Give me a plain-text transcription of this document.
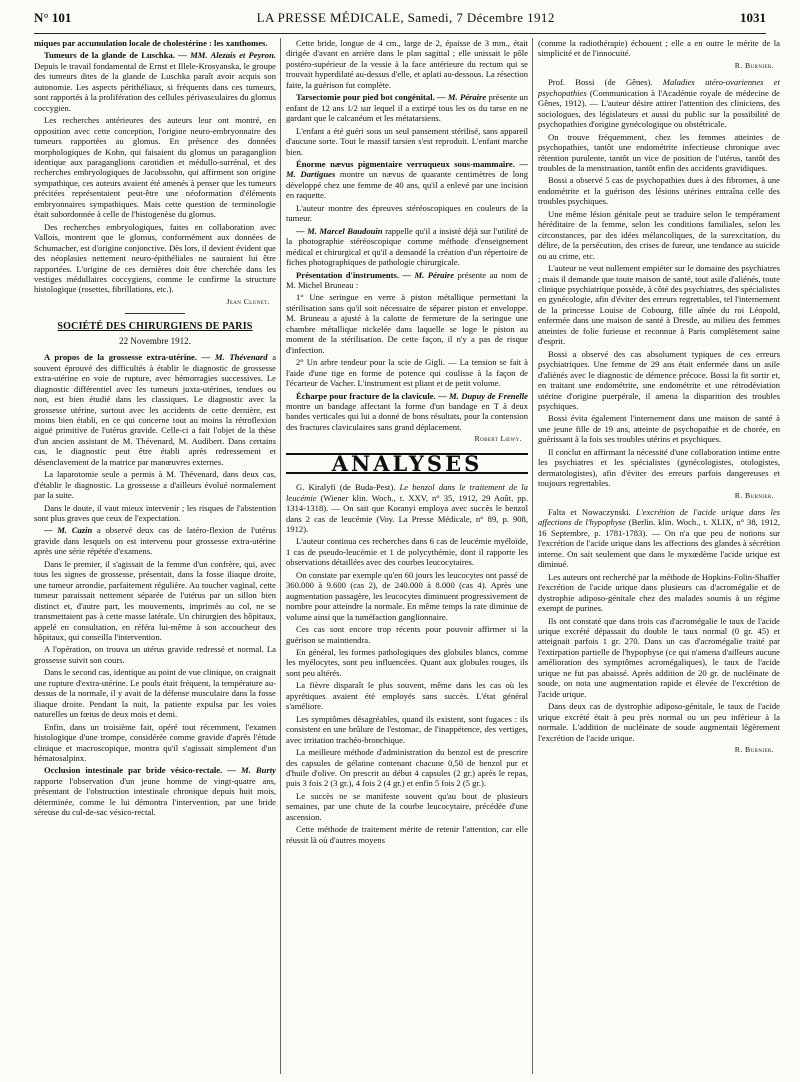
N° 101	LA PRESSE MÉDICALE, Samedi, 7 Décembre 1912	1031

miques par accumulation locale de cholestérine : les xanthomes.

Tumeurs de la glande de Luschka. — MM. Alezais et Peyron. Depuis le travail fondamental de Ernst et Illele-Krosyanska, le groupe des tumeurs dites de la glande de Luschka paraît avoir acquis son autonomie. Les aspects périthéliaux, si fréquents dans ces tumeurs, sont rapportés à la prolifération des cellules périvasculaires du glomus coccygien.

Les recherches antérieures des auteurs leur ont montré, en opposition avec cette conception, l'origine neuro-embryonnaire des tumeurs rapportées au glomus. En présence des données morphologiques de Kohn, qui faisaient du glomus un paraganglion identique aux paraganglions carotidien et médullo-surrénal, et des recherches embryologiques de Jacobssohn, qui affirment son origine sympathique, ces auteurs avaient été amenés à penser que les tumeurs précitées représentaient peut-être une néoformation d'éléments embryonnaires sympathiques. Mais cette question de terminologie était subordonnée à celle de l'histogenèse du glomus.

Des recherches embryologiques, faites en collaboration avec Vallois, montrent que le glomus, conformément aux données de Schumacher, est d'origine conjonctive. Dès lors, il devient évident que des néoplasies nettement neuro-épithéliales ne sauraient lui être rapportées. L'origine de ces dernières doit être cherchée dans les vestiges médullaires coccygiens, comme le confirme la structure histologique (rosettes, fibrillations, etc.).

Jean Clunet.
SOCIÉTÉ DES CHIRURGIENS DE PARIS
22 Novembre 1912.

A propos de la grossesse extra-utérine. — M. Thévenard a souvent éprouvé des difficultés à établir le diagnostic de grossesse extra-utérine en voie de rupture, avec hémorragies successives. Le diagnostic différentiel avec les tumeurs juxta-utérines, tendues ou non, est bien étudié dans les classiques. Le diagnostic avec la grossesse utérine, surtout avec les accidents de cette dernière, est moins bien établi, en ce qui concerne tout au moins la rétroflexion aiguë primitive de l'utérus gravide. Celle-ci a fait l'objet de la thèse d'un ancien assistant de M. Thévenard, M. Audibert. Dans certains cas, le diagnostic peut être établi après redressement et désenclavement de la matrice par manœuvres externes.

La laparotomie seule a permis à M. Thévenard, dans deux cas, d'établir le diagnostic. La grossesse a d'ailleurs évolué normalement par la suite.

Dans le doute, il vaut mieux intervenir ; les risques de l'abstention sont plus graves que ceux de l'expectation.

— M. Cazin a observé deux cas de latéro-flexion de l'utérus gravide dans lesquels on est intervenu pour grossesse extra-utérine après une série répétée d'examens.

Dans le premier, il s'agissait de la femme d'un confrère, qui, avec tous les signes de grossesse, présentait, dans la fosse iliaque droite, une tumeur arrondie, parfaitement régulière. Au toucher vaginal, cette tumeur paraissait nettement séparée de l'utérus par un sillon bien distinct et, d'autre part, les mouvements, imprimés au col, ne se transmettaient pas à cette masse latérale. Un chirurgien des hôpitaux, appelé en consultation, en référa lui-même à son accoucheur des hôpitaux, qui conseilla l'intervention.

A l'opération, on trouva un utérus gravide redressé et normal. La grossesse suivit son cours.

Dans le second cas, identique au point de vue clinique, on craignait une rupture d'extra-utérine. Le pouls était fréquent, la température au-dessus de la normale, il y avait de la défense musculaire dans la fosse iliaque droite. Pendant la nuit, la patiente expulsa par les voies naturelles un fœtus de deux mois et demi.

Enfin, dans un troisième fait, opéré tout récemment, l'examen histologique d'une trompe, considérée comme gravide d'après l'étude clinique et macroscopique, montra qu'il s'agissait simplement d'un hématosalpinx.

Occlusion intestinale par bride vésico-rectale. — M. Burty rapporte l'observation d'un jeune homme de vingt-quatre ans, présentant de l'obstruction intestinale chronique depuis huit mois, déterminée, comme le lui démontra l'intervention, par une bride séreuse du cul-de-sac vésico-rectal.

Cette bride, longue de 4 cm., large de 2, épaisse de 3 mm., était dirigée d'avant en arrière dans le plan sagittal ; elle unissait le pôle postéro-supérieur de la vessie à la face antérieure du rectum qui se trouvait hyperdilaté au-dessus d'elle, et aplati au-dessous. La résection faite, la guérison fut complète.

Tarsectomie pour pied bot congénital. — M. Péraire présente un enfant de 12 ans 1/2 sur lequel il a extirpé tous les os du tarse en ne gardant que le calcanéum et les métatarsiens.

L'enfant a été guéri sous un seul pansement stérilisé, sans appareil d'aucune sorte. Tout le massif tarsien s'est reproduit. L'enfant marche bien.

Énorme nævus pigmentaire verruqueux sous-mammaire. — M. Dartigues montre un nævus de quarante centimètres de long développé chez une femme de 40 ans, qu'il a enlevé par une incision en raquette.

L'auteur montre des épreuves stéréoscopiques en couleurs de la tumeur.

— M. Marcel Baudouin rappelle qu'il a insisté déjà sur l'utilité de la photographie stéréoscopique comme méthode d'enseignement médical et chirurgical et qu'il a demandé la création d'un répertoire de fiches photographiques de pathologie chirurgicale.

Présentation d'instruments. — M. Péraire présente au nom de M. Michel Bruneau :

1° Une seringue en verre à piston métallique permettant la stérilisation sans qu'il soit nécessaire de séparer piston et enveloppe. M. Bruneau a ajusté à la calotte de fermeture de la seringue une chambre métallique nickelée dans laquelle se loge le piston au moment de la stérilisation. De cette façon, il n'y a pas de risque d'infection.

2° Un arbre tendeur pour la scie de Gigli. — La tension se fait à l'aide d'une tige en forme de potence qui coulisse à la façon de l'écarteur de Vacher. L'instrument est pliant et de petit volume.

Écharpe pour fracture de la clavicule. — M. Dupuy de Frenelle montre un bandage affectant la forme d'un bandage en T à deux bandes verticales qui lui a donné de bons résultats, pour la contension des fractures claviculaires sans grand déplacement.

Robert Lœwy.
ANALYSES

G. Kiralyfi (de Buda-Pest). Le benzol dans le traitement de la leucémie (Wiener klin. Woch., t. XXV, n° 35, 1912, 29 Août, pp. 1314-1318). — On sait que Koranyi employa avec succès le benzol dans 2 cas de leucémie (Voy. La Presse Médicale, n° 89, p. 908, 1912).

L'auteur continua ces recherches dans 6 cas de leucémie myéloïde, 1 cas de pseudo-leucémie et 1 de polycythémie, dont il rapporte les observations détaillées avec des courbes leucocytaires.

On constate par exemple qu'en 60 jours les leucocytes ont passé de 360.000 à 9.600 (cas 2), de 240.000 à 8.000 (cas 4). Après une augmentation passagère, les leucocytes diminuent progressivement de nombre pour atteindre la normale. En même temps la rate diminue de volume ainsi que la tuméfaction ganglionnaire.

Ces cas sont encore trop récents pour pouvoir affirmer si la guérison se maintiendra.

En général, les formes pathologiques des globules blancs, comme les myélocytes, sont peu influencées. Quant aux globules rouges, ils sont peu altérés.

La fièvre disparaît le plus souvent, même dans les cas où les apyrétiques avaient été employés sans succès. L'état général s'améliore.

Les symptômes désagréables, quand ils existent, sont fugaces : ils consistent en une brûlure de l'estomac, de l'inappétence, des vertiges, avec irritation trachéo-bronchique.

La meilleure méthode d'administration du benzol est de prescrire des capsules de gélatine contenant chacune 0,50 de benzol pur et d'huile d'olive. On prescrit au début 4 capsules (2 gr.) après le repas, puis 3 fois 2 (3 gr.), 4 fois 2 (4 gr.) et enfin 5 fois 2 (5 gr.).

Le succès ne se manifeste souvent qu'au bout de plusieurs semaines, par une chute de la courbe leucocytaire, précédée d'une ascension.

Cette méthode de traitement mérite de retenir l'attention, car elle réussit là où d'autres moyens

(comme la radiothérapie) échouent ; elle a en outre le mérite de la simplicité et de l'innocuité.

R. Burnier.

Prof. Bossi (de Gênes). Maladies utéro-ovariennes et psychopathies (Communication à l'Académie royale de médecine de Gênes, 1912). — L'auteur désire attirer l'attention des cliniciens, des sociologues, des législateurs et aussi du public sur la possibilité de psychopathies d'origine gynécologique ou obstétricale.

On trouve fréquemment, chez les femmes atteintes de psychopathies, tantôt une endométrite infectieuse chronique avec rétention purulente, tantôt un vice de position de l'utérus, tantôt des troubles de la menstruation, tantôt enfin des accidents gravidiques.

Bossi a observé 5 cas de psychopathies dues à des fibromes, à une endométrite et la guérison des lésions utérines entraîna celle des troubles psychiques.

Une même lésion génitale peut se traduire selon le tempérament héréditaire de la femme, selon les conditions familiales, selon les circonstances, par des idées mélancoliques, de la surexcitation, du délire, de la persécution, des crises de fureur, une tendance au suicide ou au crime, etc.

L'auteur ne veut nullement empiéter sur le domaine des psychiatres ; mais il demande que toute maison de santé, tout asile d'aliénés, toute clinique psychiatrique possède, à côté des psychiatres, des spécialistes en gynécologie, afin d'éviter des erreurs regrettables, tel l'internement de la princesse Louise de Cobourg, fille aînée du roi Léopold, enfermée dans une maison de santé à Dresde, au milieu des femmes atteintes de folie furieuse et reconnue à Paris complètement saine d'esprit.

Bossi a observé des cas absolument typiques de ces erreurs psychiatriques. Une femme de 29 ans était enfermée dans un asile d'aliénés avec le diagnostic de démence précoce. Bossi la fit sortir et, en traitant une endométrite, une endométrite et une rétrodéviation utérine d'origine puerpérale, il amena la disparition des troubles psychiques.

Bossi évita également l'internement dans une maison de santé à une jeune fille de 19 ans, atteinte de psychopathie et de chorée, en guérissant à la fois ses troubles utérins et psychiques.

Il conclut en affirmant la nécessité d'une collaboration intime entre les psychiatres et les spécialistes (gynécologistes, otologistes, dermatologistes), afin d'éviter des erreurs parfois dangereuses et toujours regrettables.

R. Burnier.

Falta et Nowaczynski. L'excrétion de l'acide urique dans les affections de l'hypophyse (Berlin. klin. Woch., t. XLIX, n° 38, 1912, 16 Septembre, p. 1781-1783). — On n'a que peu de notions sur l'excrétion de l'acide urique dans les affections des glandes à sécrétion interne. On sait seulement que dans le myxœdème l'acide urique est diminué.

Les auteurs ont recherché par la méthode de Hopkins-Folin-Shaffer l'excrétion de l'acide urique dans plusieurs cas d'acromégalie et de dystrophie adiposo-génitale chez des malades soumis à un régime exempt de purines.

Ils ont constaté que dans trois cas d'acromégalie le taux de l'acide urique excrété dépassait du double le taux normal (0 gr. 45) et atteignait parfois 1 gr. 270. Dans un cas d'acromégalie traité par l'extirpation partielle de l'hypophyse (ce qui n'amena d'ailleurs aucune amélioration des symptômes acromégaliques), le taux de l'acide urique ne fut pas abaissé. Après addition de 20 gr. de nucléinate de soude, on nota une augmentation rapide et élevée de l'excrétion de l'acide urique.

Dans deux cas de dystrophie adiposo-génitale, le taux de l'acide urique excrété était à peu près normal ou un peu inférieur à la normale. L'addition de nucléinate de soude augmentait légèrement l'excrétion de l'acide urique.

R. Burnier.
